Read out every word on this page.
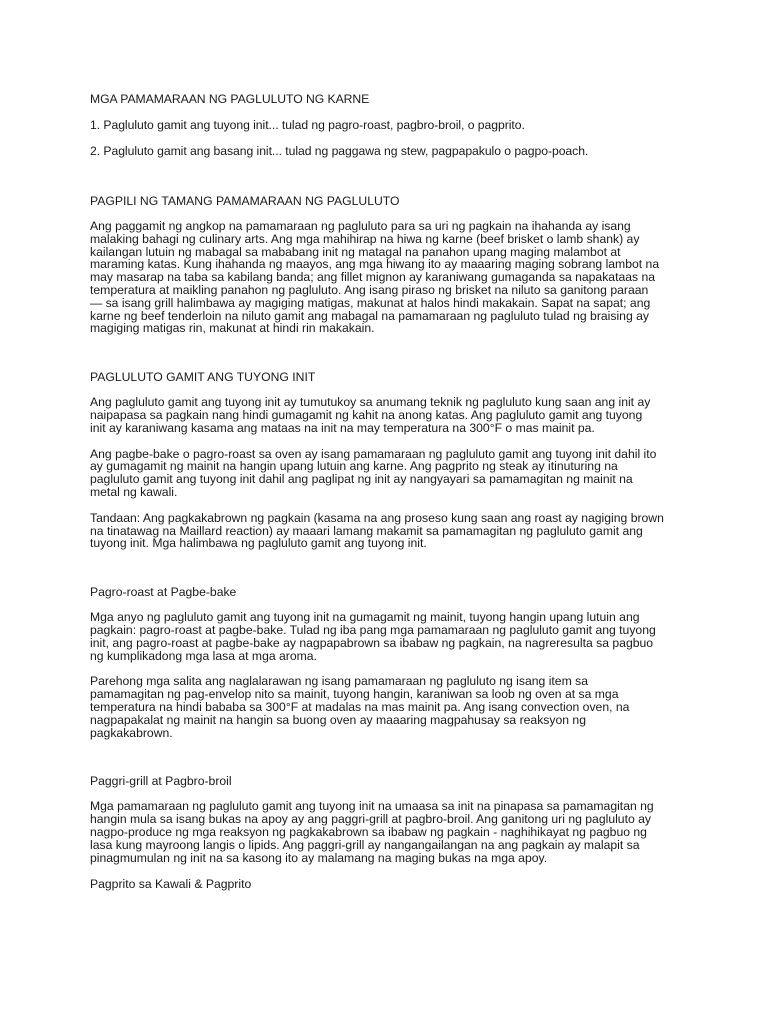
MGA PAMAMARAAN NG PAGLULUTO NG KARNE
1. Pagluluto gamit ang tuyong init... tulad ng pagro-roast, pagbro-broil, o pagprito.
2. Pagluluto gamit ang basang init... tulad ng paggawa ng stew, pagpapakulo o pagpo-poach.
PAGPILI NG TAMANG PAMAMARAAN NG PAGLULUTO
Ang paggamit ng angkop na pamamaraan ng pagluluto para sa uri ng pagkain na ihahanda ay isang
malaking bahagi ng culinary arts. Ang mga mahihirap na hiwa ng karne (beef brisket o lamb shank) ay
kailangan lutuin ng mabagal sa mababang init ng matagal na panahon upang maging malambot at
maraming katas. Kung ihahanda ng maayos, ang mga hiwang ito ay maaaring maging sobrang lambot na
may masarap na taba sa kabilang banda; ang fillet mignon ay karaniwang gumaganda sa napakataas na
temperatura at maikling panahon ng pagluluto. Ang isang piraso ng brisket na niluto sa ganitong paraan
— sa isang grill halimbawa ay magiging matigas, makunat at halos hindi makakain. Sapat na sapat; ang
karne ng beef tenderloin na niluto gamit ang mabagal na pamamaraan ng pagluluto tulad ng braising ay
magiging matigas rin, makunat at hindi rin makakain.
PAGLULUTO GAMIT ANG TUYONG INIT
Ang pagluluto gamit ang tuyong init ay tumutukoy sa anumang teknik ng pagluluto kung saan ang init ay
naipapasa sa pagkain nang hindi gumagamit ng kahit na anong katas. Ang pagluluto gamit ang tuyong
init ay karaniwang kasama ang mataas na init na may temperatura na 300°F o mas mainit pa.
Ang pagbe-bake o pagro-roast sa oven ay isang pamamaraan ng pagluluto gamit ang tuyong init dahil ito
ay gumagamit ng mainit na hangin upang lutuin ang karne. Ang pagprito ng steak ay itinuturing na
pagluluto gamit ang tuyong init dahil ang paglipat ng init ay nangyayari sa pamamagitan ng mainit na
metal ng kawali.
Tandaan: Ang pagkakabrown ng pagkain (kasama na ang proseso kung saan ang roast ay nagiging brown
na tinatawag na Maillard reaction) ay maaari lamang makamit sa pamamagitan ng pagluluto gamit ang
tuyong init. Mga halimbawa ng pagluluto gamit ang tuyong init.
Pagro-roast at Pagbe-bake
Mga anyo ng pagluluto gamit ang tuyong init na gumagamit ng mainit, tuyong hangin upang lutuin ang
pagkain: pagro-roast at pagbe-bake. Tulad ng iba pang mga pamamaraan ng pagluluto gamit ang tuyong
init, ang pagro-roast at pagbe-bake ay nagpapabrown sa ibabaw ng pagkain, na nagreresulta sa pagbuo
ng kumplikadong mga lasa at mga aroma.
Parehong mga salita ang naglalarawan ng isang pamamaraan ng pagluluto ng isang item sa
pamamagitan ng pag-envelop nito sa mainit, tuyong hangin, karaniwan sa loob ng oven at sa mga
temperatura na hindi bababa sa 300°F at madalas na mas mainit pa. Ang isang convection oven, na
nagpapakalat ng mainit na hangin sa buong oven ay maaaring magpahusay sa reaksyon ng
pagkakabrown.
Paggri-grill at Pagbro-broil
Mga pamamaraan ng pagluluto gamit ang tuyong init na umaasa sa init na pinapasa sa pamamagitan ng
hangin mula sa isang bukas na apoy ay ang paggri-grill at pagbro-broil. Ang ganitong uri ng pagluluto ay
nagpo-produce ng mga reaksyon ng pagkakabrown sa ibabaw ng pagkain - naghihikayat ng pagbuo ng
lasa kung mayroong langis o lipids. Ang paggri-grill ay nangangailangan na ang pagkain ay malapit sa
pinagmumulan ng init na sa kasong ito ay malamang na maging bukas na mga apoy.
Pagprito sa Kawali & Pagprito
